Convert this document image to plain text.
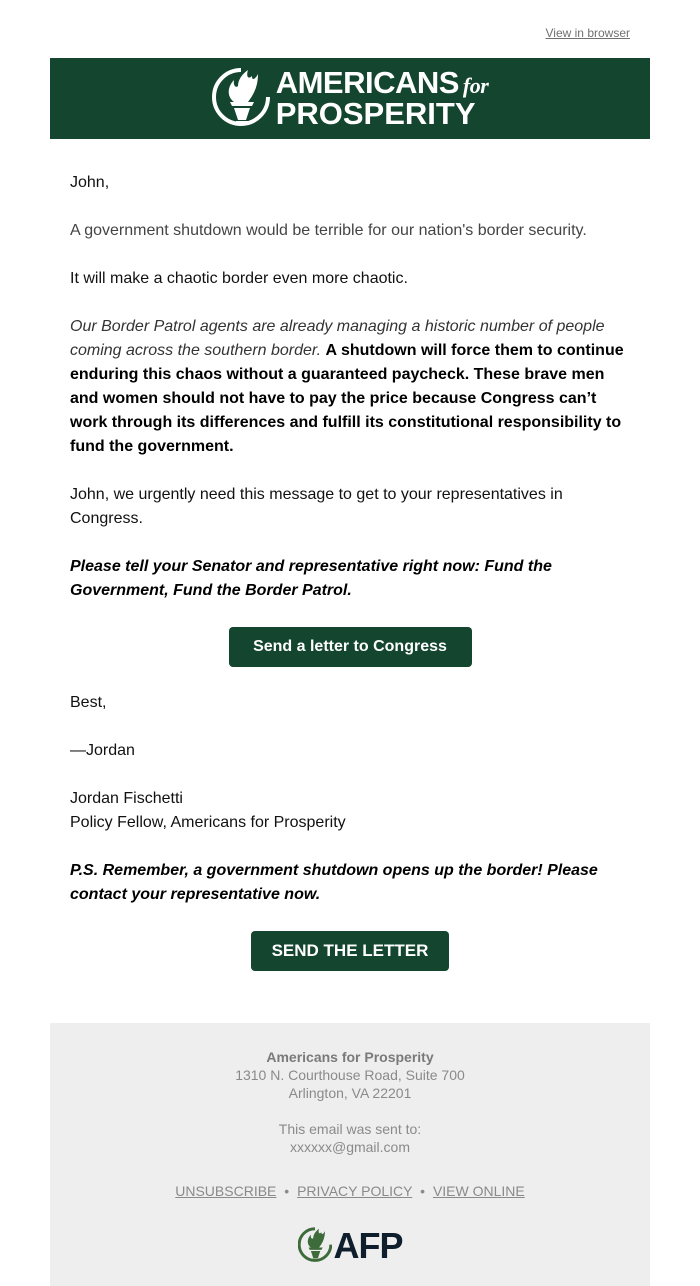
View in browser
AMERICANS for
PROSPERITY

John,

A government shutdown would be terrible for our nation's border security.

It will make a chaotic border even more chaotic.

Our Border Patrol agents are already managing a historic number of people coming across the southern border. A shutdown will force them to continue enduring this chaos without a guaranteed paycheck. These brave men and women should not have to pay the price because Congress can’t work through its differences and fulfill its constitutional responsibility to fund the government.

John, we urgently need this message to get to your representatives in Congress.

Please tell your Senator and representative right now: Fund the Government, Fund the Border Patrol.

Send a letter to Congress

Best,

—Jordan

Jordan Fischetti

Policy Fellow, Americans for Prosperity

P.S. Remember, a government shutdown opens up the border! Please contact your representative now.

SEND THE LETTER
Americans for Prosperity
1310 N. Courthouse Road, Suite 700
Arlington, VA 22201
This email was sent to:
xxxxxx@gmail.com
UNSUBSCRIBE • PRIVACY POLICY • VIEW ONLINE
AFP
